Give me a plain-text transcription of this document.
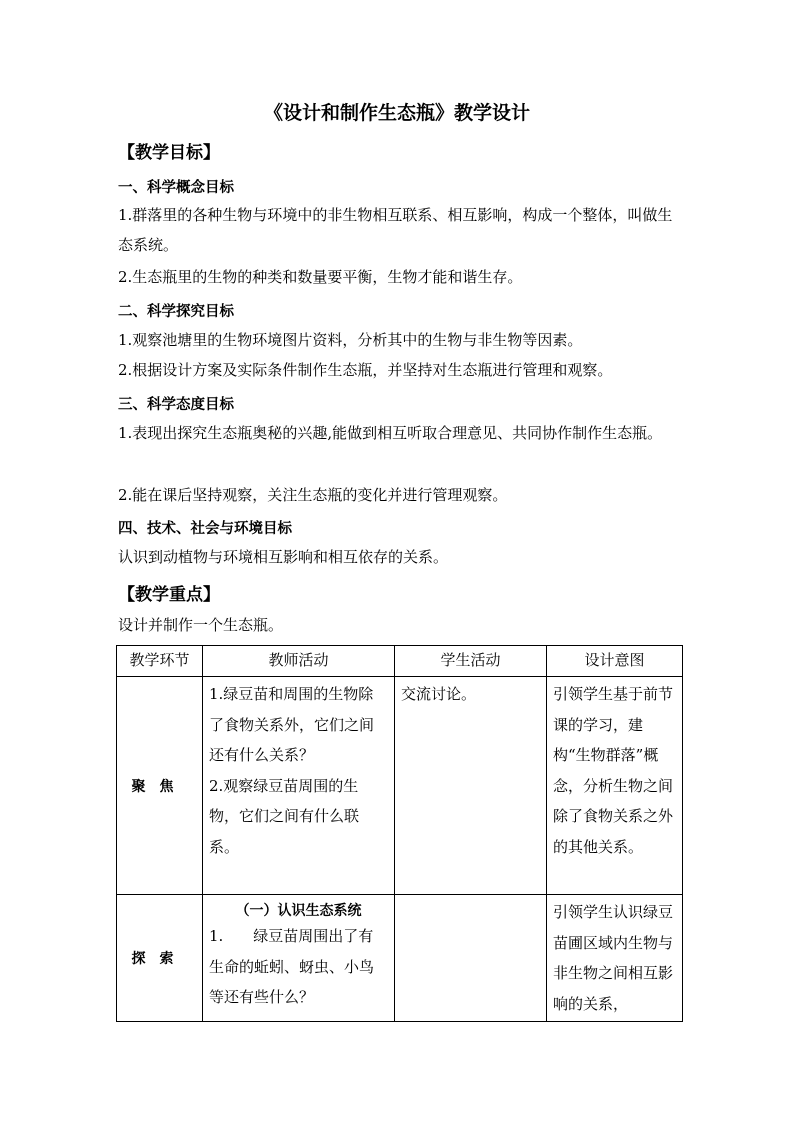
《设计和制作生态瓶》教学设计
【教学目标】
一、科学概念目标
1.群落里的各种生物与环境中的非生物相互联系、相互影响，构成一个整体，叫做生态系统。
2.生态瓶里的生物的种类和数量要平衡，生物才能和谐生存。
二、科学探究目标
1.观察池塘里的生物环境图片资料，分析其中的生物与非生物等因素。
2.根据设计方案及实际条件制作生态瓶，并坚持对生态瓶进行管理和观察。
三、科学态度目标
1.表现出探究生态瓶奥秘的兴趣,能做到相互听取合理意见、共同协作制作生态瓶。
2.能在课后坚持观察，关注生态瓶的变化并进行管理观察。
四、技术、社会与环境目标
认识到动植物与环境相互影响和相互依存的关系。
【教学重点】
设计并制作一个生态瓶。
教学环节	教师活动	学生活动	设计意图
聚焦	1.绿豆苗和周围的生物除了食物关系外，它们之间还有什么关系？
2.观察绿豆苗周围的生物，它们之间有什么联系。	交流讨论。	引领学生基于前节课的学习，建构“生物群落”概念，分析生物之间除了食物关系之外的其他关系。

探索	（一）认识生态系统
1.　　绿豆苗周围出了有生命的蚯蚓、蚜虫、小鸟等还有些什么？		引领学生认识绿豆苗圃区域内生物与非生物之间相互影响的关系，
